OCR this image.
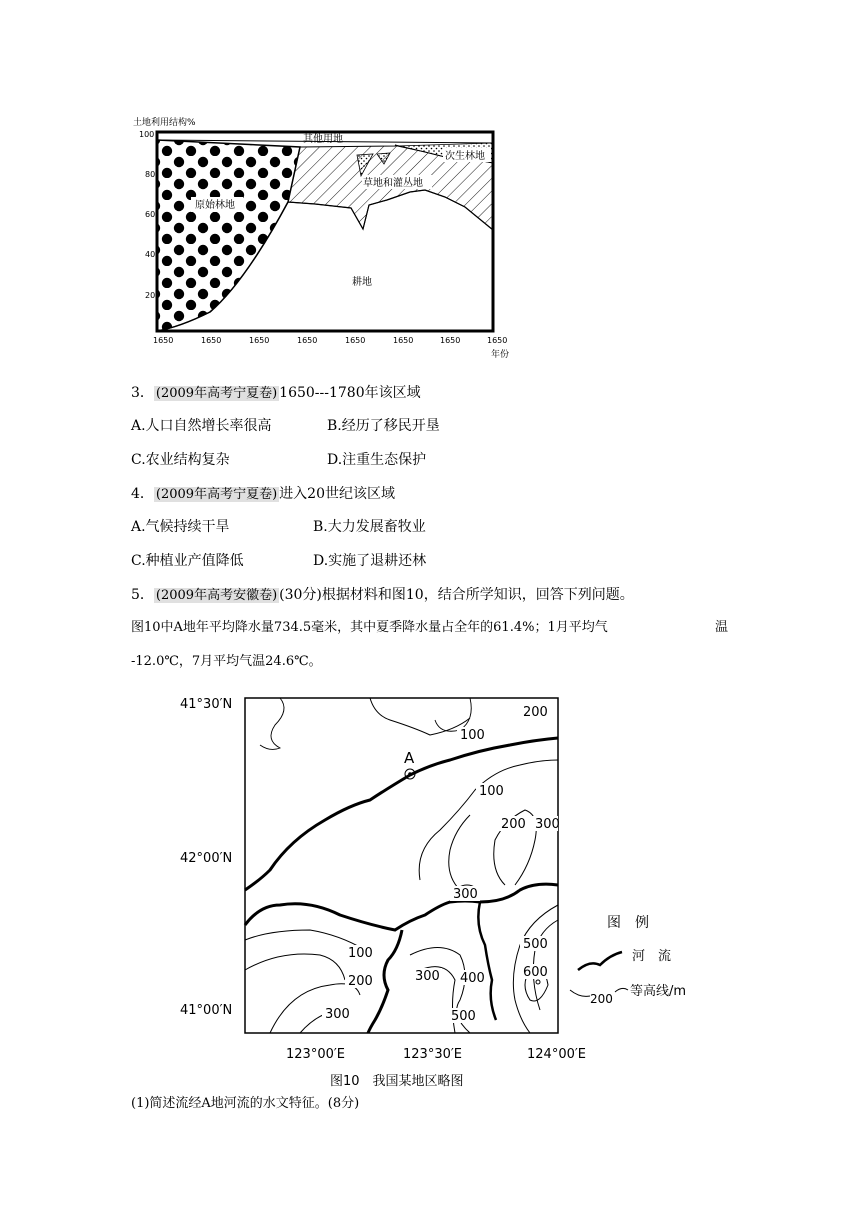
土地利用结构%
100
80
60
40
20
其他用地
次生林地
草地和灌丛地
原始林地
耕地
1650	1650	1650	1650	1650	1650	1650	1650
年份
3． (2009年高考宁夏卷) 1650---1780年该区域
A.人口自然增长率很高	B.经历了移民开垦
C.农业结构复杂	D.注重生态保护
4． (2009年高考宁夏卷) 进入20世纪该区域
A.气候持续干旱	B.大力发展畜牧业
C.种植业产值降低	D.实施了退耕还林
5． (2009年高考安徽卷) (30分)根据材料和图10，结合所学知识，回答下列问题。
图10中A地年平均降水量734.5毫米，其中夏季降水量占全年的61.4%；1月平均气	温
-12.0℃，7月平均气温24.6℃。
41°30′N
42°00′N
41°00′N
A
200
100
100
200 300
300
100
200	300 400
500
500
600
300
123°00′E	123°30′E	124°00′E
图　例
河　流
200 等高线/m
图10　我国某地区略图
(1)简述流经A地河流的水文特征。(8分)
